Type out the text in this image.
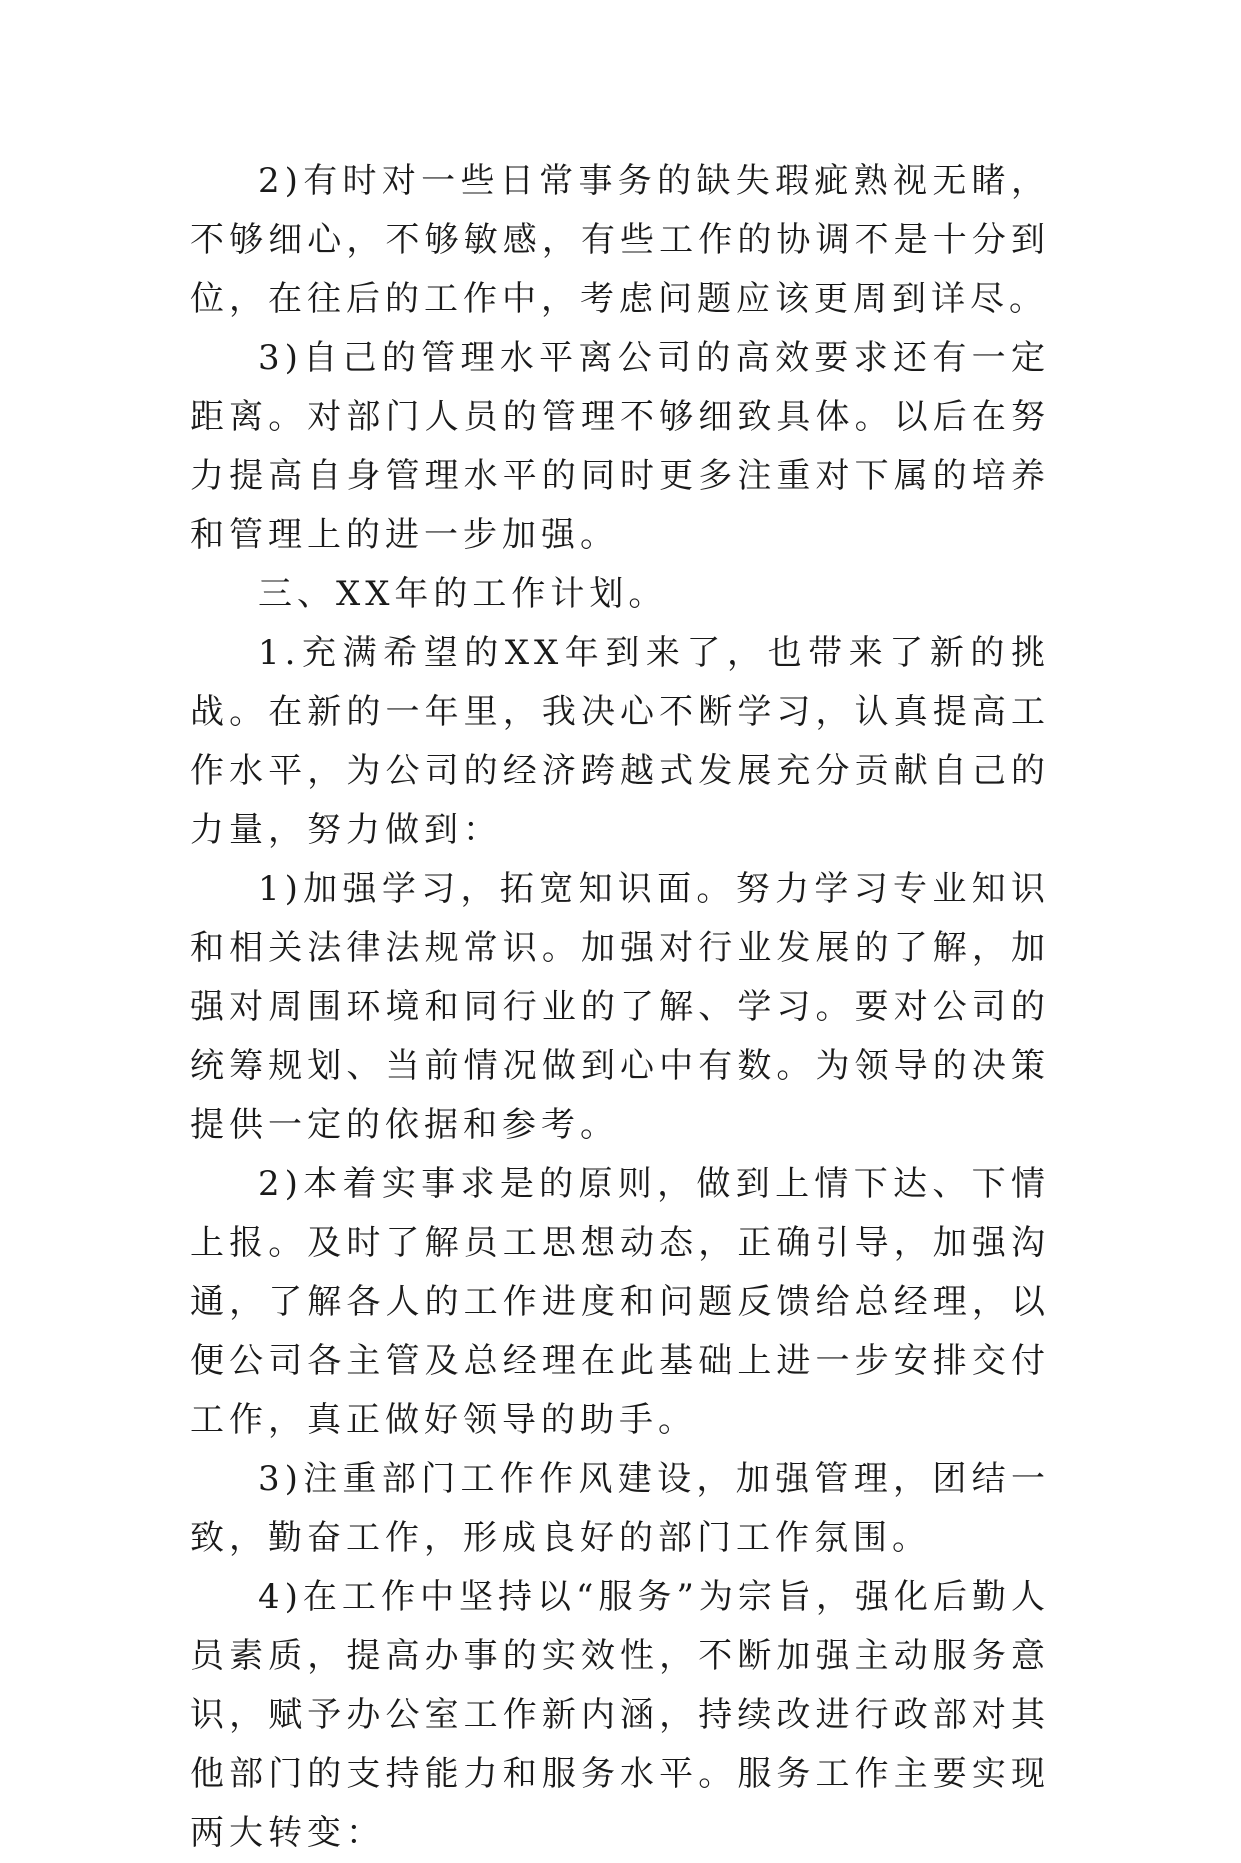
2)有时对一些日常事务的缺失瑕疵熟视无睹，不够细心，不够敏感，有些工作的协调不是十分到位，在往后的工作中，考虑问题应该更周到详尽。

3)自己的管理水平离公司的高效要求还有一定距离。对部门人员的管理不够细致具体。以后在努力提高自身管理水平的同时更多注重对下属的培养和管理上的进一步加强。

三、XX年的工作计划。

1.充满希望的XX年到来了，也带来了新的挑战。在新的一年里，我决心不断学习，认真提高工作水平，为公司的经济跨越式发展充分贡献自己的力量，努力做到：

1)加强学习，拓宽知识面。努力学习专业知识和相关法律法规常识。加强对行业发展的了解，加强对周围环境和同行业的了解、学习。要对公司的统筹规划、当前情况做到心中有数。为领导的决策提供一定的依据和参考。

2)本着实事求是的原则，做到上情下达、下情上报。及时了解员工思想动态，正确引导，加强沟通，了解各人的工作进度和问题反馈给总经理，以便公司各主管及总经理在此基础上进一步安排交付工作，真正做好领导的助手。

3)注重部门工作作风建设，加强管理，团结一致，勤奋工作，形成良好的部门工作氛围。

4)在工作中坚持以“服务”为宗旨，强化后勤人员素质，提高办事的实效性，不断加强主动服务意识，赋予办公室工作新内涵，持续改进行政部对其他部门的支持能力和服务水平。服务工作主要实现两大转变：
